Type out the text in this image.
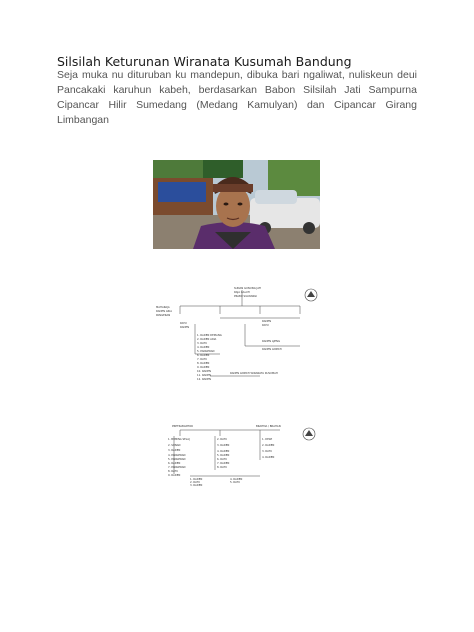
Silsilah Keturunan Wiranata Kusumah Bandung
Seja muka nu dituruban ku mandepun, dibuka bari ngaliwat, nuliskeun deui Pancakaki karuhun kabeh, berdasarkan Babon Silsilah Jati Sampurna Cipancar Hilir Sumedang (Medang Kamulyan) dan Cipancar Girang Limbangan
SUNAN GUNUNG JATI
RAJA GALUH
PRABU SILIWANGI
MAHARAJA
RADEN ARIA
PANGERAN
RATU
RADEN
1. RADEN DEMANG
2. RADEN ARIA
3. RATU
4. RADEN
5. PANGERAN
6. RADEN
7. RATU
8. RADEN
9. RADEN
10. RADEN
11. RADEN
12. RADEN
RADEN
RATU
RADEN AJENG
RADEN ADIPATI
RADEN ADIPATI WIRANATA KUSUMAH
PRETRABANTOR	BRAHMA / BRAHAN
1. BUMINA SELAJ
2. SUNAN
3. RADEN
4. PANGERAN
5. PANGERAN
6. RADEN
7. PANGERAN
8. RATU
9. RADEN
2. RATU
3. RADEN
4. RADEN
5. RADEN
6. RATU
7. RADEN
8. RATU
1. DEWI
2. RADEN
3. RATU
4. RADEN
1. RADEN
2. RATU
3. RADEN
4. RADEN
5. RATU
